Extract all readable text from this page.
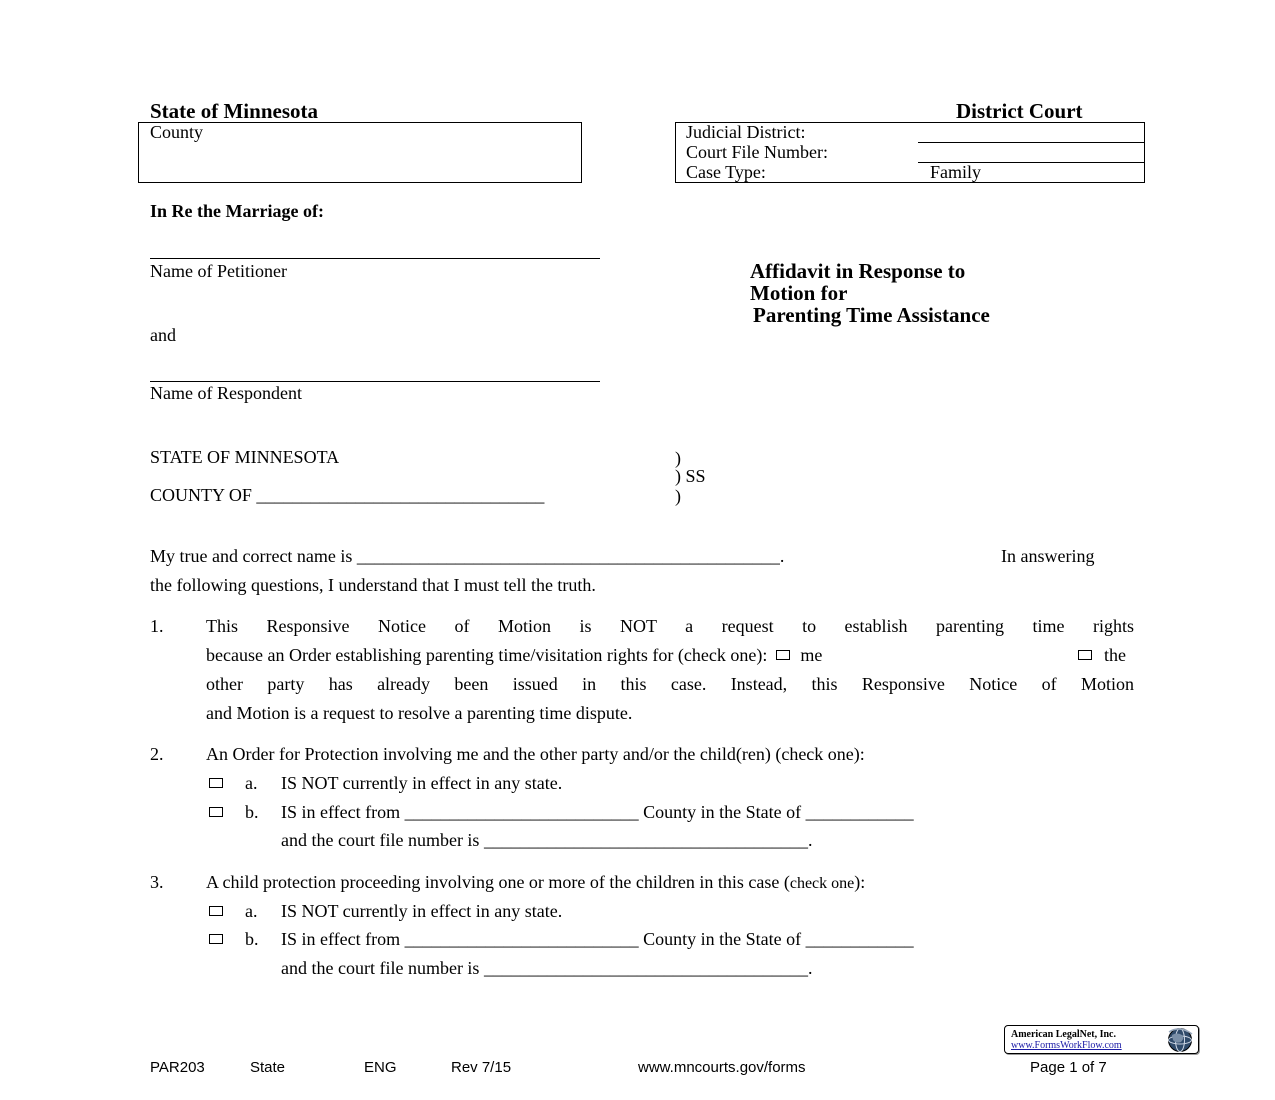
State of Minnesota	District Court
County	Judicial District:
Court File Number:
Case Type:	Family
In Re the Marriage of:
Name of Petitioner
and
Name of Respondent
Affidavit in Response to
Motion for
Parenting Time Assistance
STATE OF MINNESOTA
COUNTY OF ________________________________
)
) SS
)
My true and correct name is _______________________________________________.	In answering
the following questions, I understand that I must tell the truth.
1. This Responsive Notice of Motion is NOT a request to establish parenting time rights
because an Order establishing parenting time/visitation rights for (check one): me	the
other party has already been issued in this case. Instead, this Responsive Notice of Motion
and Motion is a request to resolve a parenting time dispute.
2. An Order for Protection involving me and the other party and/or the child(ren) (check one):
a. IS NOT currently in effect in any state.
b. IS in effect from __________________________ County in the State of ____________
and the court file number is ____________________________________.
3. A child protection proceeding involving one or more of the children in this case (check one):
a. IS NOT currently in effect in any state.
b. IS in effect from __________________________ County in the State of ____________
and the court file number is ____________________________________.
American LegalNet, Inc.
www.FormsWorkFlow.com
PAR203	State	ENG	Rev 7/15	www.mncourts.gov/forms	Page 1 of 7
